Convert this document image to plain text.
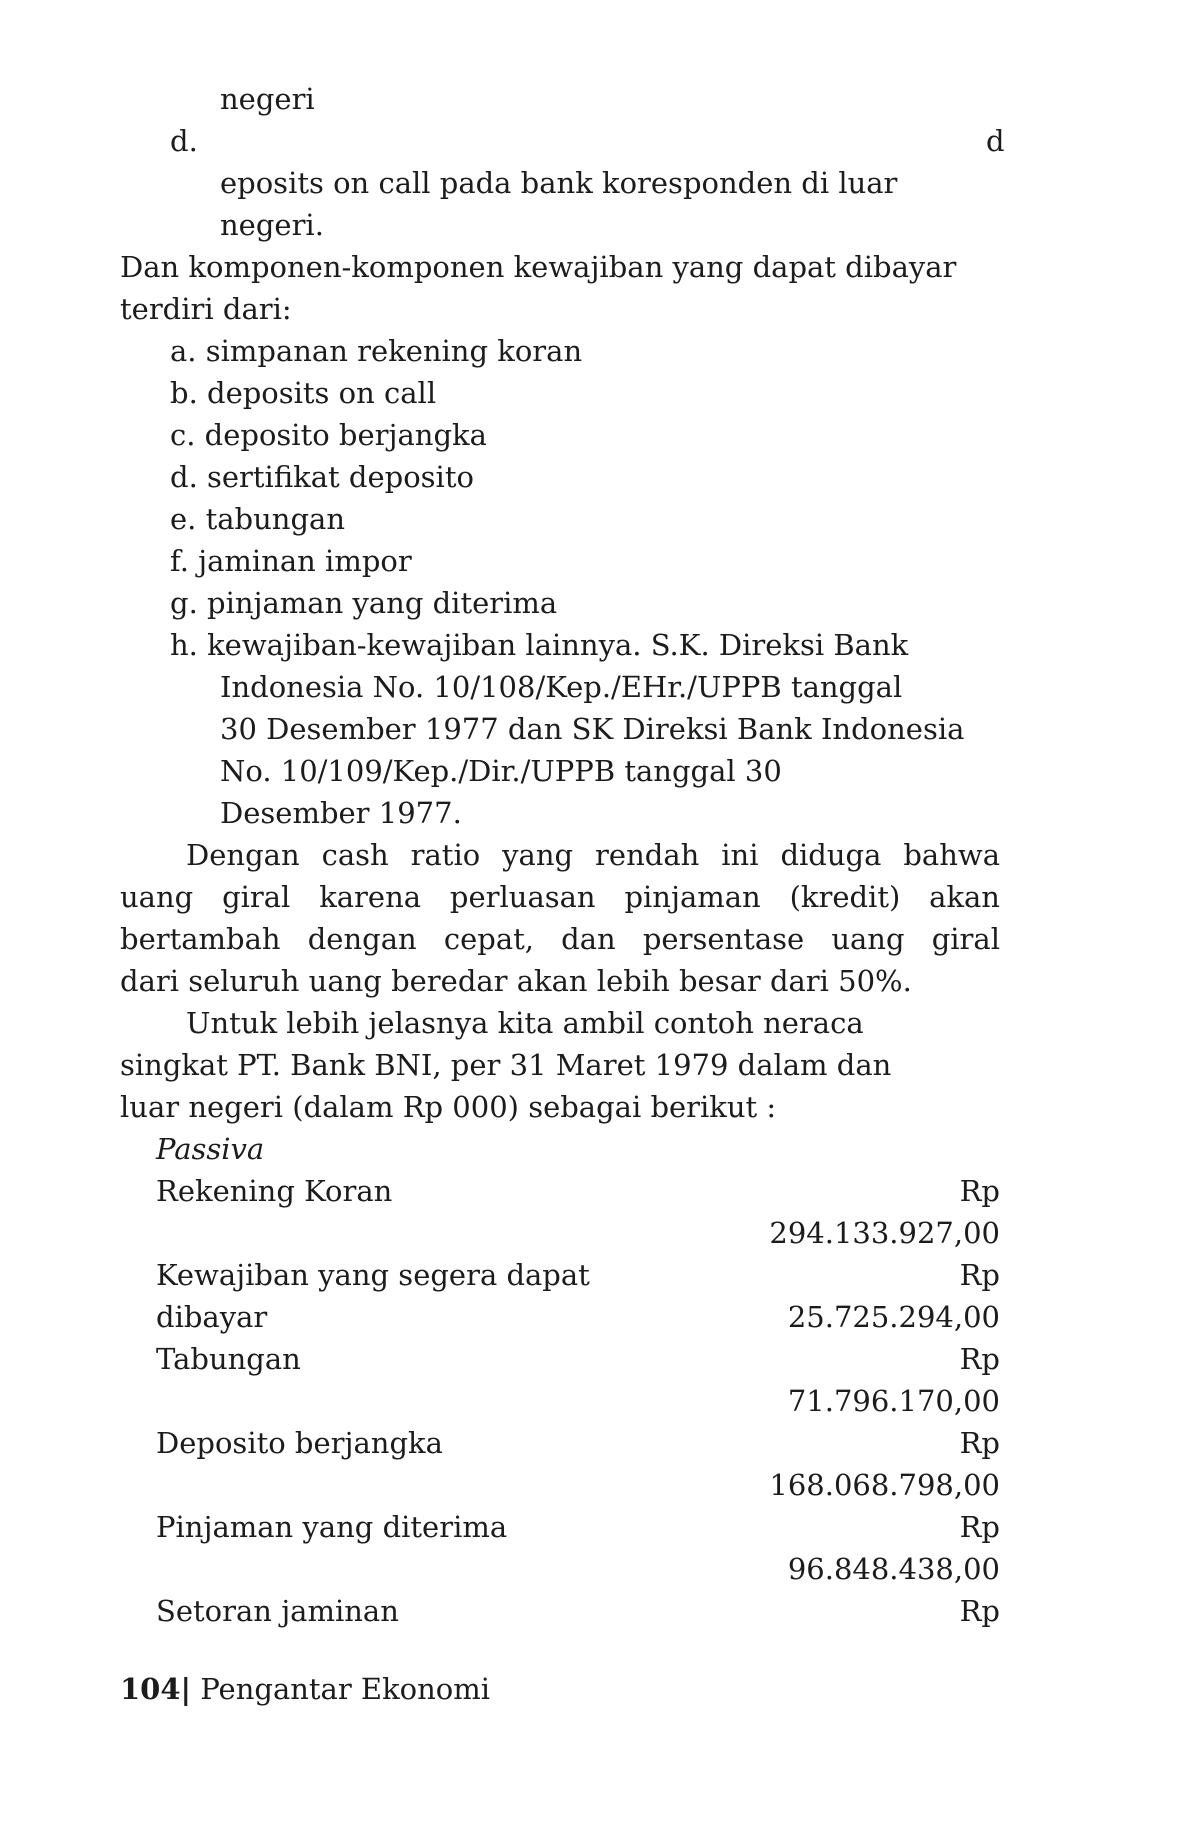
negeri
d.	d
eposits on call pada bank koresponden di luar
negeri.
Dan komponen-komponen kewajiban yang dapat dibayar
terdiri dari:
a. simpanan rekening koran
b. deposits on call
c. deposito berjangka
d. sertifikat deposito
e. tabungan
f. jaminan impor
g. pinjaman yang diterima
h. kewajiban-kewajiban lainnya. S.K. Direksi Bank
Indonesia No. 10/108/Kep./EHr./UPPB tanggal
30 Desember 1977 dan SK Direksi Bank Indonesia
No. 10/109/Kep./Dir./UPPB tanggal 30
Desember 1977.
Dengan cash ratio yang rendah ini diduga bahwa
uang giral karena perluasan pinjaman (kredit) akan
bertambah dengan cepat, dan persentase uang giral
dari seluruh uang beredar akan lebih besar dari 50%.
Untuk lebih jelasnya kita ambil contoh neraca
singkat PT. Bank BNI, per 31 Maret 1979 dalam dan
luar negeri (dalam Rp 000) sebagai berikut :
Passiva
Rekening Koran	Rp
294.133.927,00
Kewajiban yang segera dapat	Rp
dibayar	25.725.294,00
Tabungan	Rp
71.796.170,00
Deposito berjangka	Rp
168.068.798,00
Pinjaman yang diterima	Rp
96.848.438,00
Setoran jaminan	Rp
104| Pengantar Ekonomi
